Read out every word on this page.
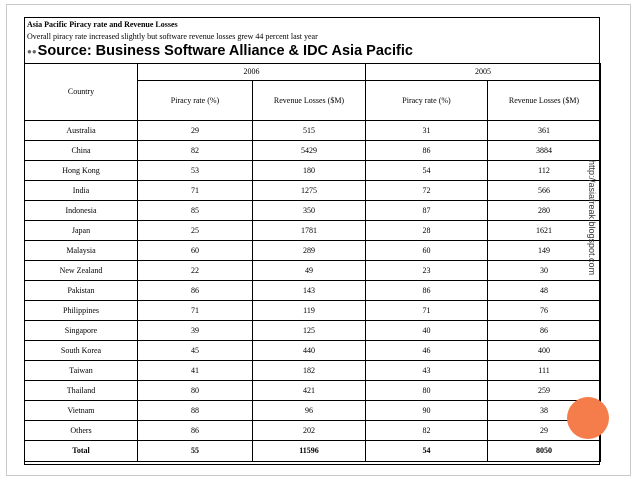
Asia Pacific Piracy rate and Revenue Losses
Overall piracy rate increased slightly but software revenue losses grew 44 percent last year
●●Source: Business Software Alliance & IDC Asia Pacific
Country	2006		2005	
	Piracy rate (%)	Revenue Losses ($M)	Piracy rate (%)	Revenue Losses ($M)
Australia	29	515	31	361
China	82	5429	86	3884
Hong Kong	53	180	54	112
India	71	1275	72	566
Indonesia	85	350	87	280
Japan	25	1781	28	1621
Malaysia	60	289	60	149
New Zealand	22	49	23	30
Pakistan	86	143	86	48
Philippines	71	119	71	76
Singapore	39	125	40	86
South Korea	45	440	46	400
Taiwan	41	182	43	111
Thailand	80	421	80	259
Vietnam	88	96	90	38
Others	86	202	82	29
Total	55	11596	54	8050
http://asiafreak.blogspot.com
